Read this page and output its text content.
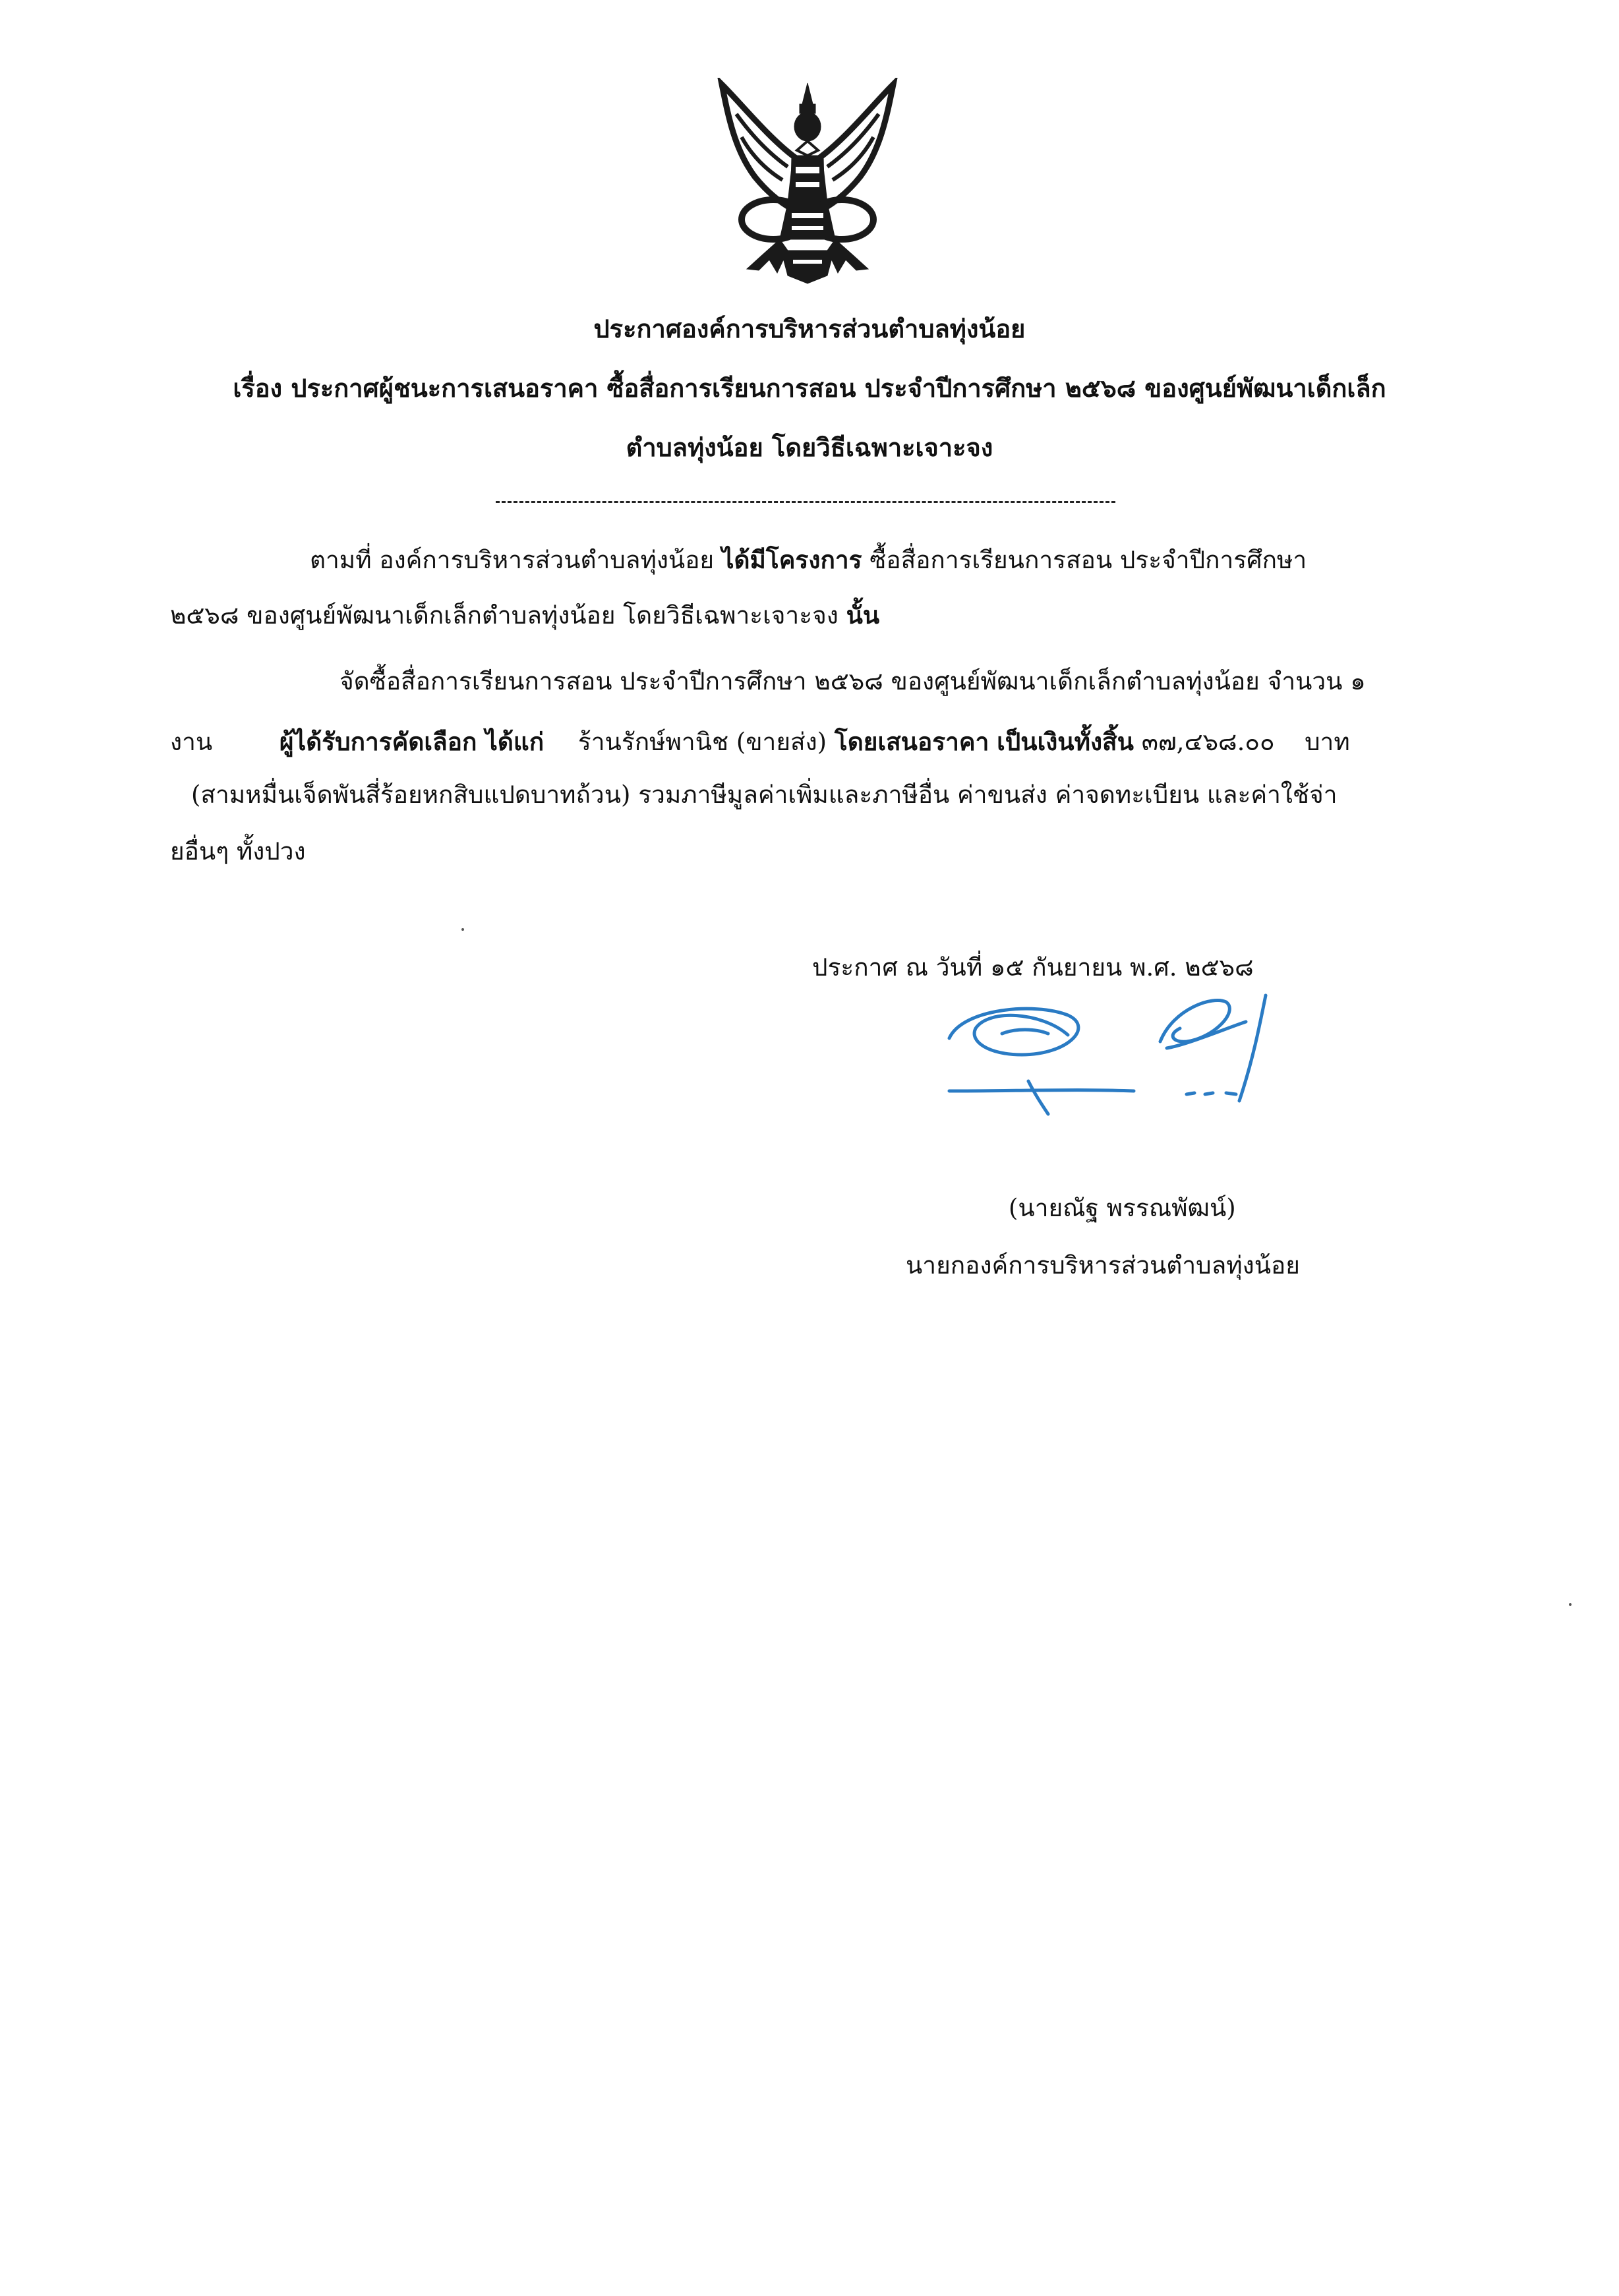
ประกาศองค์การบริหารส่วนตำบลทุ่งน้อย
เรื่อง ประกาศผู้ชนะการเสนอราคา ซื้อสื่อการเรียนการสอน ประจำปีการศึกษา ๒๕๖๘ ของศูนย์พัฒนาเด็กเล็ก
ตำบลทุ่งน้อย โดยวิธีเฉพาะเจาะจง
ตามที่ องค์การบริหารส่วนตำบลทุ่งน้อย ได้มีโครงการ ซื้อสื่อการเรียนการสอน ประจำปีการศึกษา
๒๕๖๘ ของศูนย์พัฒนาเด็กเล็กตำบลทุ่งน้อย โดยวิธีเฉพาะเจาะจง นั้น
จัดซื้อสื่อการเรียนการสอน ประจำปีการศึกษา ๒๕๖๘ ของศูนย์พัฒนาเด็กเล็กตำบลทุ่งน้อย จำนวน ๑
งาน	ผู้ได้รับการคัดเลือก ได้แก่ ร้านรักษ์พานิช (ขายส่ง) โดยเสนอราคา เป็นเงินทั้งสิ้น ๓๗,๔๖๘.๐๐ บาท
(สามหมื่นเจ็ดพันสี่ร้อยหกสิบแปดบาทถ้วน) รวมภาษีมูลค่าเพิ่มและภาษีอื่น ค่าขนส่ง ค่าจดทะเบียน และค่าใช้จ่า
ยอื่นๆ ทั้งปวง
ประกาศ ณ วันที่ ๑๕ กันยายน พ.ศ. ๒๕๖๘
(นายณัฐ พรรณพัฒน์)
นายกองค์การบริหารส่วนตำบลทุ่งน้อย
